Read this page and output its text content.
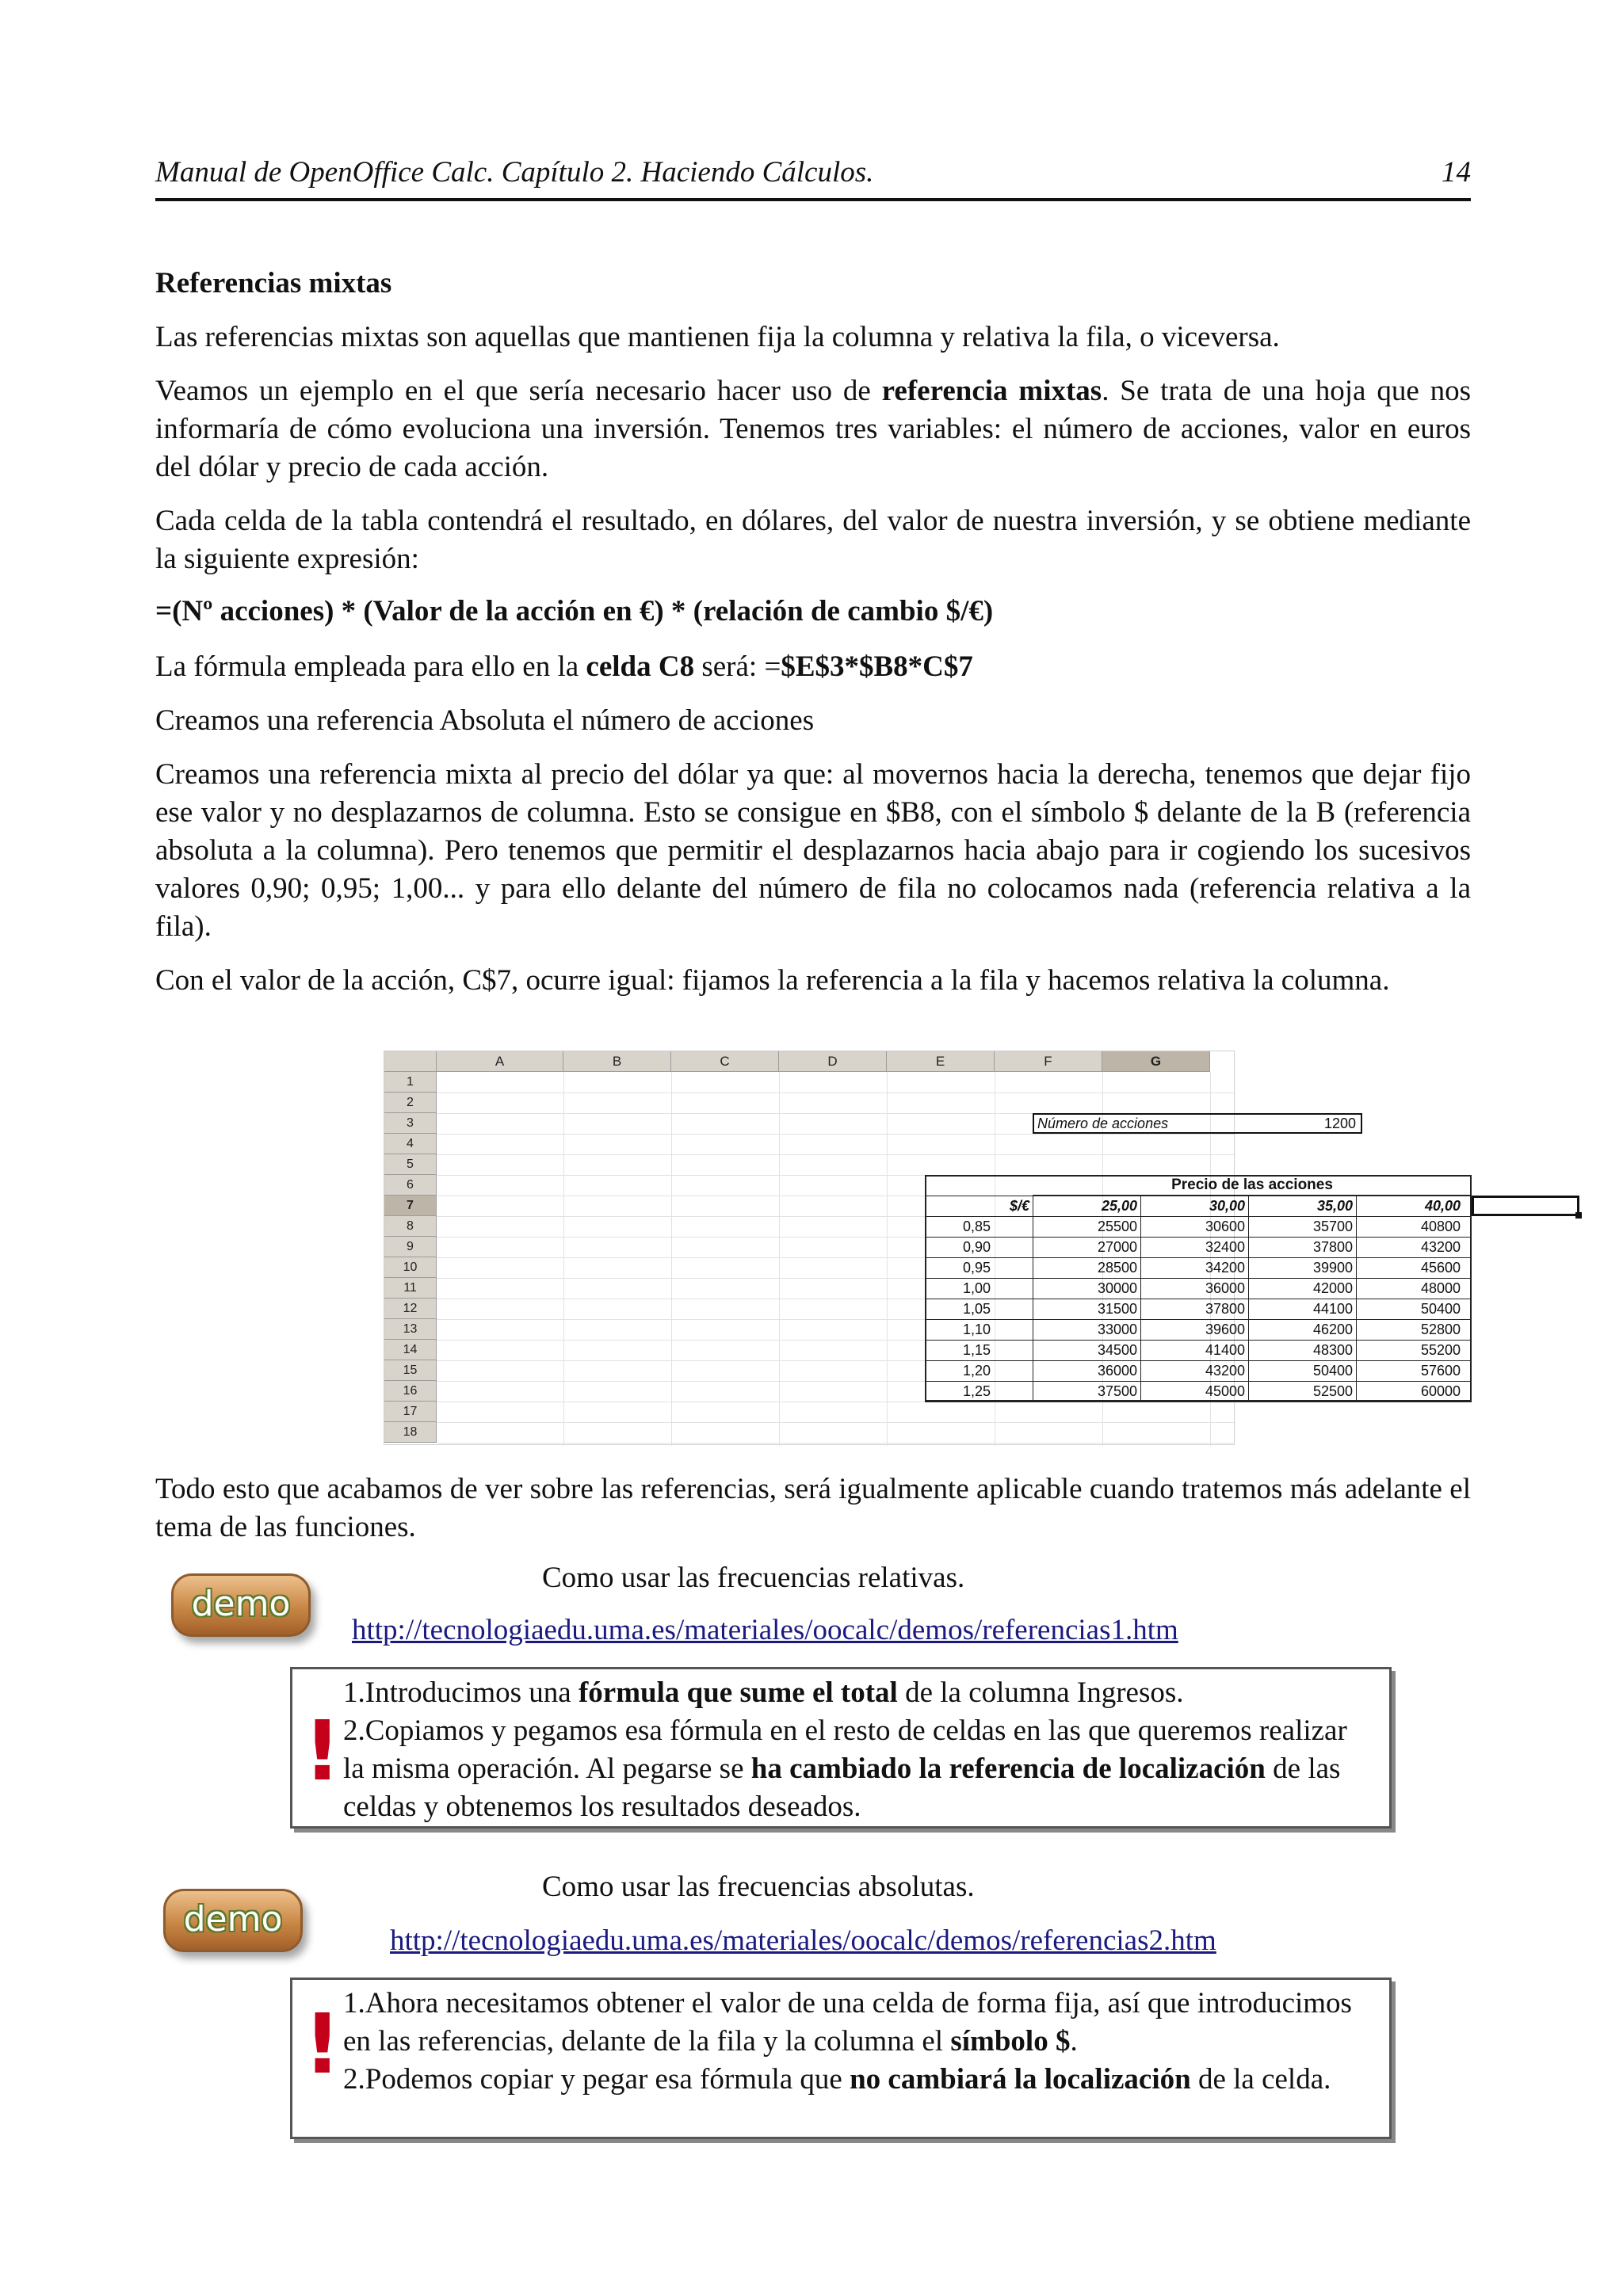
Manual de OpenOffice Calc. Capítulo 2. Haciendo Cálculos.	14
Referencias mixtas

Las referencias mixtas son aquellas que mantienen fija la columna y relativa la fila, o viceversa.

Veamos un ejemplo en el que sería necesario hacer uso de referencia mixtas. Se trata de una hoja que nos informaría de cómo evoluciona una inversión. Tenemos tres variables: el número de acciones, valor en euros del dólar y precio de cada acción.

Cada celda de la tabla contendrá el resultado, en dólares, del valor de nuestra inversión, y se obtiene mediante la siguiente expresión:

=(Nº acciones) * (Valor de la acción en €) * (relación de cambio $/€)

La fórmula empleada para ello en la celda C8 será: =$E$3*$B8*C$7

Creamos una referencia Absoluta el número de acciones

Creamos una referencia mixta al precio del dólar ya que: al movernos hacia la derecha, tenemos que dejar fijo ese valor y no desplazarnos de columna. Esto se consigue en $B8, con el símbolo $ delante de la B (referencia absoluta a la columna). Pero tenemos que permitir el desplazarnos hacia abajo para ir cogiendo los sucesivos valores 0,90; 0,95; 1,00... y para ello delante del número de fila no colocamos nada (referencia relativa a la fila).

Con el valor de la acción, C$7, ocurre igual: fijamos la referencia a la fila y hacemos relativa la columna.

A	B	C	D	E	F	G
1
2
3
4
5
6
7
8
9
10
11
12
13
14
15
16
17
18
Número de acciones	1200
Precio de las acciones
$/€	25,00	30,00	35,00	40,00
0,85	25500	30600	35700	40800
0,90	27000	32400	37800	43200
0,95	28500	34200	39900	45600
1,00	30000	36000	42000	48000
1,05	31500	37800	44100	50400
1,10	33000	39600	46200	52800
1,15	34500	41400	48300	55200
1,20	36000	43200	50400	57600
1,25	37500	45000	52500	60000

Todo esto que acabamos de ver sobre las referencias, será igualmente aplicable cuando tratemos más adelante el tema de las funciones.

demo
Como usar las frecuencias relativas.
http://tecnologiaedu.uma.es/materiales/oocalc/demos/referencias1.htm
!
1.Introducimos una fórmula que sume el total de la columna Ingresos.
2.Copiamos y pegamos esa fórmula en el resto de celdas en las que queremos realizar la misma operación. Al pegarse se ha cambiado la referencia de localización de las celdas y obtenemos los resultados deseados.
demo
Como usar las frecuencias absolutas.
http://tecnologiaedu.uma.es/materiales/oocalc/demos/referencias2.htm
! 1.Ahora necesitamos obtener el valor de una celda de forma fija, así que introducimos en las referencias, delante de la fila y la columna el símbolo $.
2.Podemos copiar y pegar esa fórmula que no cambiará la localización de la celda.
